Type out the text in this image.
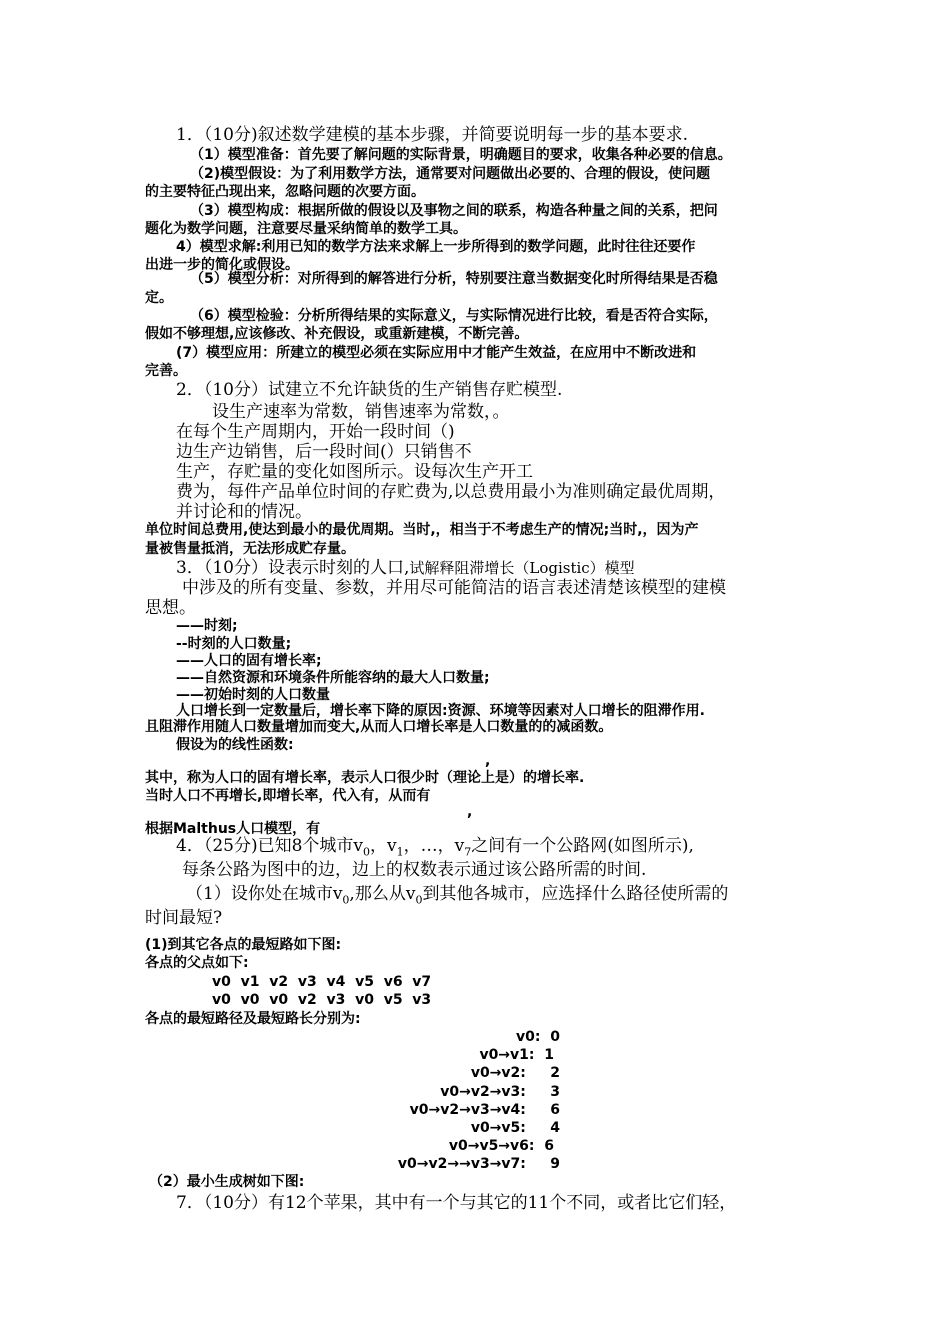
1．（10分)叙述数学建模的基本步骤，并简要说明每一步的基本要求.
（1）模型准备：首先要了解问题的实际背景，明确题目的要求，收集各种必要的信息。
（2)模型假设：为了利用数学方法，通常要对问题做出必要的、合理的假设，使问题
的主要特征凸现出来，忽略问题的次要方面。
（3）模型构成：根据所做的假设以及事物之间的联系，构造各种量之间的关系，把问
题化为数学问题，注意要尽量采纳简单的数学工具。
4）模型求解:利用已知的数学方法来求解上一步所得到的数学问题，此时往往还要作
出进一步的简化或假设。
（5）模型分析：对所得到的解答进行分析，特别要注意当数据变化时所得结果是否稳
定。
（6）模型检验：分析所得结果的实际意义，与实际情况进行比较，看是否符合实际，
假如不够理想,应该修改、补充假设，或重新建模，不断完善。
(7）模型应用：所建立的模型必须在实际应用中才能产生效益，在应用中不断改进和
完善。
2．（10分）试建立不允许缺货的生产销售存贮模型.
设生产速率为常数，销售速率为常数，。
在每个生产周期内，开始一段时间（)
边生产边销售，后一段时间(）只销售不
生产，存贮量的变化如图所示。设每次生产开工
费为，每件产品单位时间的存贮费为,以总费用最小为准则确定最优周期，
并讨论和的情况。
单位时间总费用,使达到最小的最优周期。当时,，相当于不考虑生产的情况;当时,，因为产
量被售量抵消，无法形成贮存量。
3．（10分）设表示时刻的人口,试解释阻滞增长（Logistic）模型
中涉及的所有变量、参数，并用尽可能简洁的语言表述清楚该模型的建模
思想。
——时刻;
--时刻的人口数量;
——人口的固有增长率;
——自然资源和环境条件所能容纳的最大人口数量;
——初始时刻的人口数量
人口增长到一定数量后，增长率下降的原因:资源、环境等因素对人口增长的阻滞作用.
且阻滞作用随人口数量增加而变大,从而人口增长率是人口数量的的减函数。
假设为的线性函数:
,
其中，称为人口的固有增长率，表示人口很少时（理论上是）的增长率.
当时人口不再增长,即增长率，代入有，从而有
,
根据Malthus人口模型，有
4．（25分)已知8个城市$v_0$，$v_1$，…，$v_7$之间有一个公路网(如图所示),
每条公路为图中的边，边上的权数表示通过该公路所需的时间.
（1）设你处在城市$v_0$,那么从$v_0$到其他各城市，应选择什么路径使所需的
时间最短?
(1)到其它各点的最短路如下图:
各点的父点如下:
v0  v1  v2  v3  v4  v5  v6  v7
v0  v0  v0  v2  v3  v0  v5  v3
各点的最短路径及最短路长分别为:
v0:  0
v0→v1:  1
v0→v2:     2
v0→v2→v3:     3
v0→v2→v3→v4:     6
v0→v5:     4
v0→v5→v6:  6
v0→v2→→v3→v7:     9
（2）最小生成树如下图:
7．（10分）有12个苹果，其中有一个与其它的11个不同，或者比它们轻，
